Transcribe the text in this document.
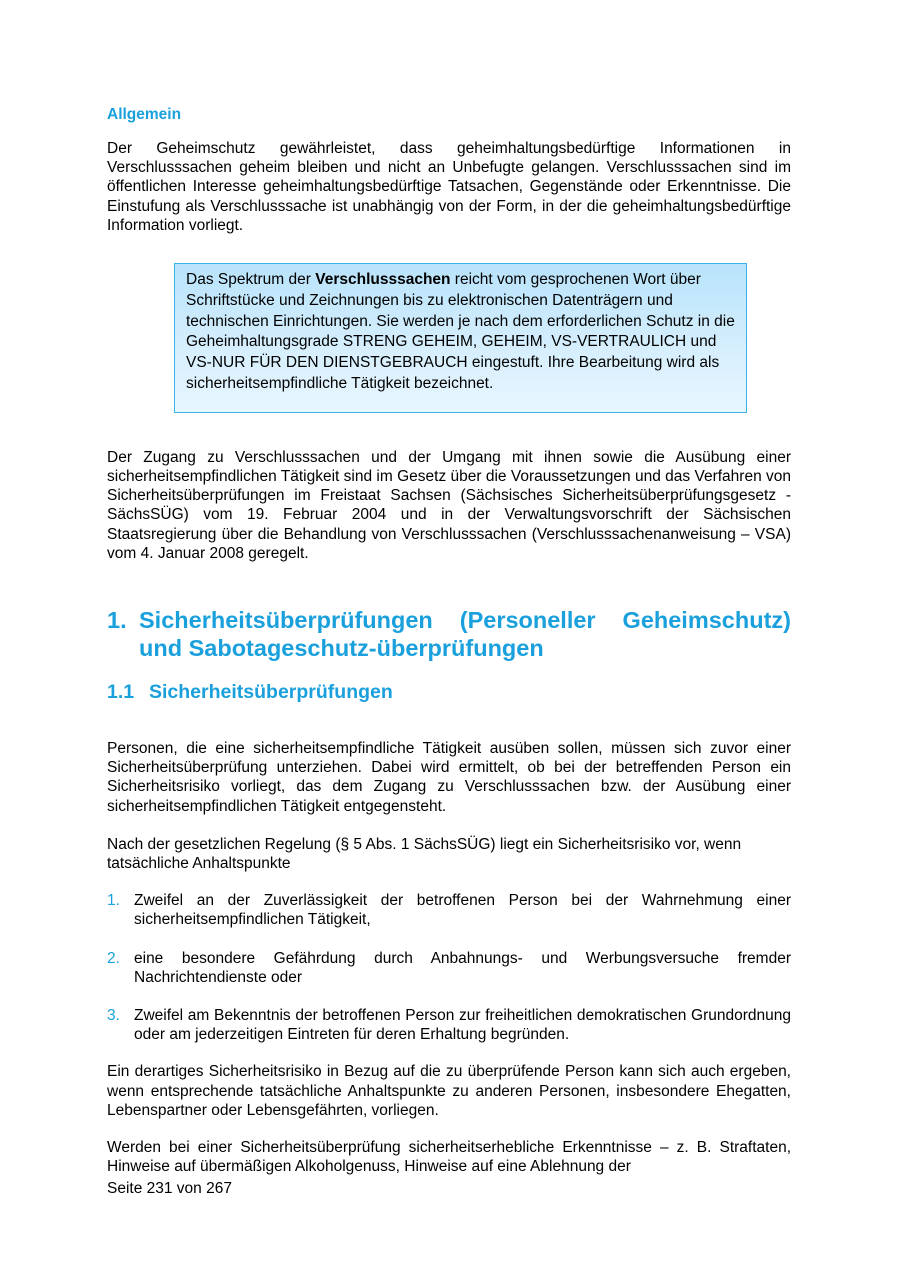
Allgemein

Der Geheimschutz gewährleistet, dass geheimhaltungsbedürftige Informationen in Verschlusssachen geheim bleiben und nicht an Unbefugte gelangen. Verschlusssachen sind im öffentlichen Interesse geheimhaltungsbedürftige Tatsachen, Gegenstände oder Erkenntnisse. Die Einstufung als Verschlusssache ist unabhängig von der Form, in der die geheimhaltungsbedürftige Information vorliegt.

Das Spektrum der Verschlusssachen reicht vom gesprochenen Wort über Schriftstücke und Zeichnungen bis zu elektronischen Datenträgern und technischen Einrichtungen. Sie werden je nach dem erforderlichen Schutz in die Geheimhaltungsgrade STRENG GEHEIM, GEHEIM, VS-VERTRAULICH und VS-NUR FÜR DEN DIENSTGEBRAUCH eingestuft. Ihre Bearbeitung wird als sicherheitsempfindliche Tätigkeit bezeichnet.

Der Zugang zu Verschlusssachen und der Umgang mit ihnen sowie die Ausübung einer sicherheitsempfindlichen Tätigkeit sind im Gesetz über die Voraussetzungen und das Verfahren von Sicherheitsüberprüfungen im Freistaat Sachsen (Sächsisches Sicherheitsüberprüfungsgesetz - SächsSÜG) vom 19. Februar 2004 und in der Verwaltungsvorschrift der Sächsischen Staatsregierung über die Behandlung von Verschlusssachen (Verschlusssachenanweisung – VSA) vom 4. Januar 2008 geregelt.

1. Sicherheitsüberprüfungen (Personeller Geheimschutz) und Sabotageschutz-überprüfungen
1.1 Sicherheitsüberprüfungen

Personen, die eine sicherheitsempfindliche Tätigkeit ausüben sollen, müssen sich zuvor einer Sicherheitsüberprüfung unterziehen. Dabei wird ermittelt, ob bei der betreffenden Person ein Sicherheitsrisiko vorliegt, das dem Zugang zu Verschlusssachen bzw. der Ausübung einer sicherheitsempfindlichen Tätigkeit entgegensteht.

Nach der gesetzlichen Regelung (§ 5 Abs. 1 SächsSÜG) liegt ein Sicherheitsrisiko vor, wenn tatsächliche Anhaltspunkte

1. Zweifel an der Zuverlässigkeit der betroffenen Person bei der Wahrnehmung einer sicherheitsempfindlichen Tätigkeit,
2. eine besondere Gefährdung durch Anbahnungs- und Werbungsversuche fremder Nachrichtendienste oder
3. Zweifel am Bekenntnis der betroffenen Person zur freiheitlichen demokratischen Grundordnung oder am jederzeitigen Eintreten für deren Erhaltung begründen.

Ein derartiges Sicherheitsrisiko in Bezug auf die zu überprüfende Person kann sich auch ergeben, wenn entsprechende tatsächliche Anhaltspunkte zu anderen Personen, insbesondere Ehegatten, Lebenspartner oder Lebensgefährten, vorliegen.

Werden bei einer Sicherheitsüberprüfung sicherheitserhebliche Erkenntnisse – z. B. Straftaten, Hinweise auf übermäßigen Alkoholgenuss, Hinweise auf eine Ablehnung der

Seite 231 von 267
